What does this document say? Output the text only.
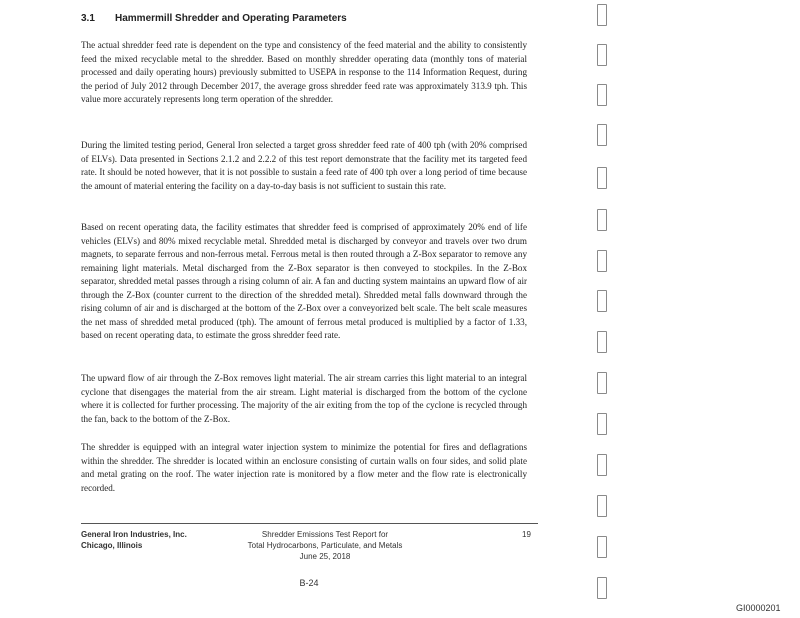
3.1 Hammermill Shredder and Operating Parameters

The actual shredder feed rate is dependent on the type and consistency of the feed material and the ability to consistently feed the mixed recyclable metal to the shredder. Based on monthly shredder operating data (monthly tons of material processed and daily operating hours) previously submitted to USEPA in response to the 114 Information Request, during the period of July 2012 through December 2017, the average gross shredder feed rate was approximately 313.9 tph. This value more accurately represents long term operation of the shredder.

During the limited testing period, General Iron selected a target gross shredder feed rate of 400 tph (with 20% comprised of ELVs). Data presented in Sections 2.1.2 and 2.2.2 of this test report demonstrate that the facility met its targeted feed rate. It should be noted however, that it is not possible to sustain a feed rate of 400 tph over a long period of time because the amount of material entering the facility on a day-to-day basis is not sufficient to sustain this rate.

Based on recent operating data, the facility estimates that shredder feed is comprised of approximately 20% end of life vehicles (ELVs) and 80% mixed recyclable metal. Shredded metal is discharged by conveyor and travels over two drum magnets, to separate ferrous and non-ferrous metal. Ferrous metal is then routed through a Z-Box separator to remove any remaining light materials. Metal discharged from the Z-Box separator is then conveyed to stockpiles. In the Z-Box separator, shredded metal passes through a rising column of air. A fan and ducting system maintains an upward flow of air through the Z-Box (counter current to the direction of the shredded metal). Shredded metal falls downward through the rising column of air and is discharged at the bottom of the Z-Box over a conveyorized belt scale. The belt scale measures the net mass of shredded metal produced (tph). The amount of ferrous metal produced is multiplied by a factor of 1.33, based on recent operating data, to estimate the gross shredder feed rate.

The upward flow of air through the Z-Box removes light material. The air stream carries this light material to an integral cyclone that disengages the material from the air stream. Light material is discharged from the bottom of the cyclone where it is collected for further processing. The majority of the air exiting from the top of the cyclone is recycled through the fan, back to the bottom of the Z-Box.

The shredder is equipped with an integral water injection system to minimize the potential for fires and deflagrations within the shredder. The shredder is located within an enclosure consisting of curtain walls on four sides, and solid plate and metal grating on the roof. The water injection rate is monitored by a flow meter and the flow rate is electronically recorded.

General Iron Industries, Inc.
Chicago, Illinois
Shredder Emissions Test Report for
Total Hydrocarbons, Particulate, and Metals
June 25, 2018
19
B-24
GI0000201
